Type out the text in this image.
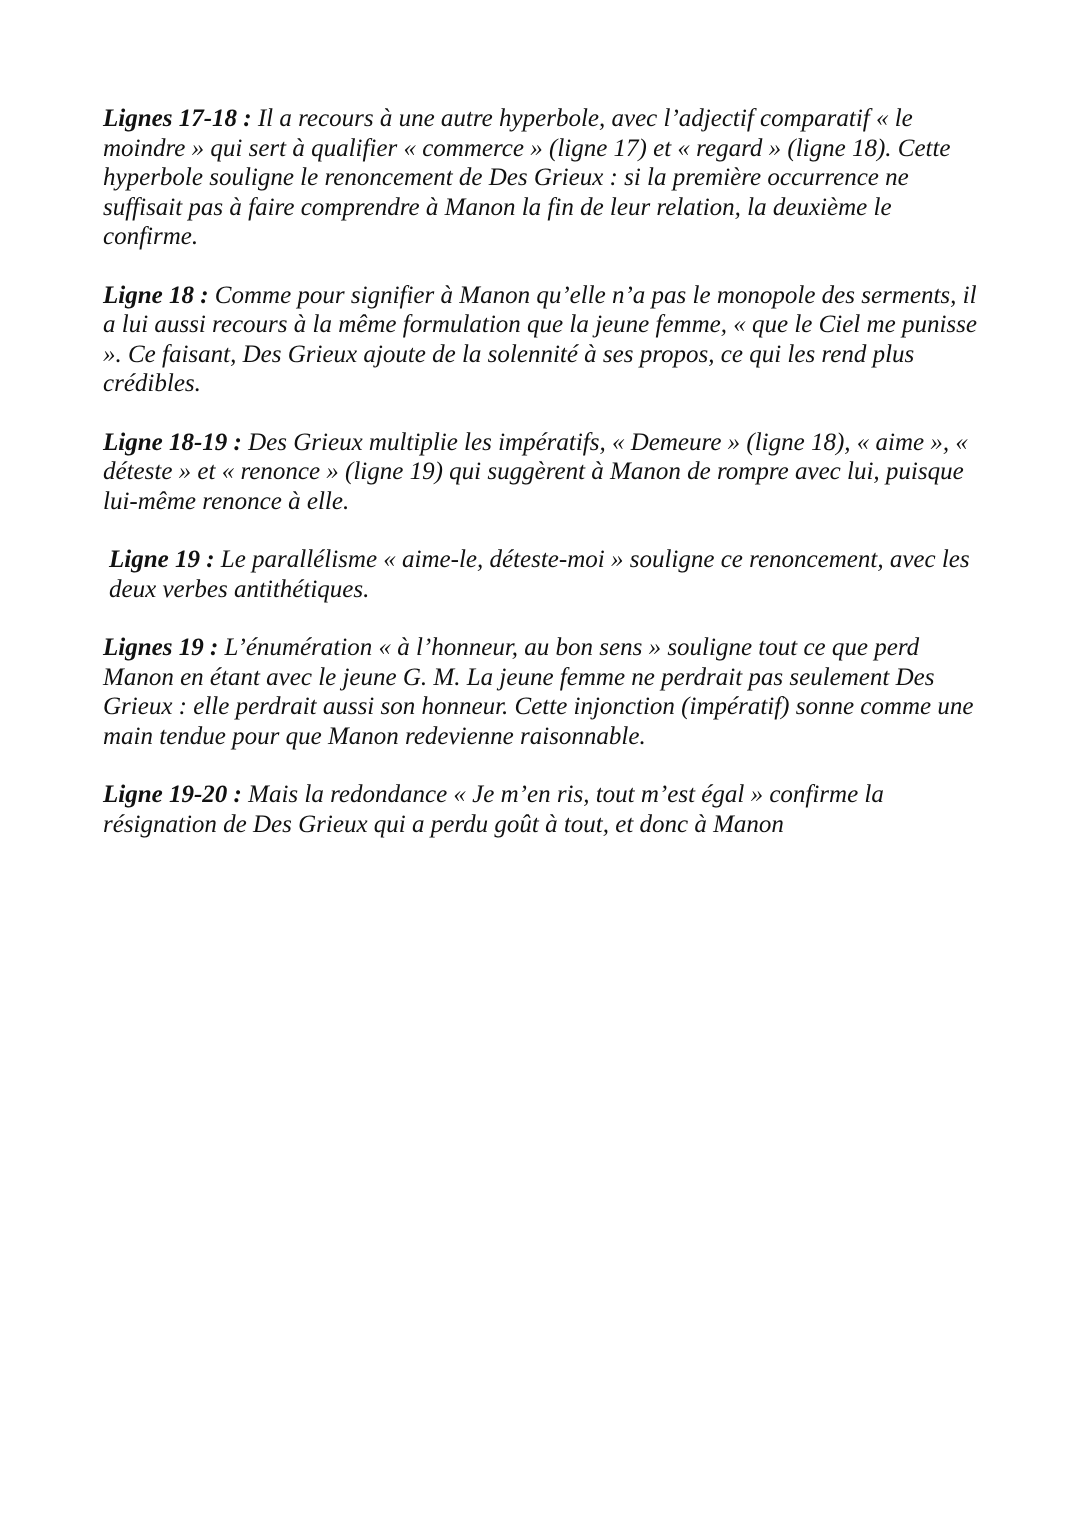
Lignes 17-18 : Il a recours à une autre hyperbole, avec l’adjectif comparatif « le moindre » qui sert à qualifier « commerce » (ligne 17) et « regard » (ligne 18). Cette hyperbole souligne le renoncement de Des Grieux : si la première occurrence ne suffisait pas à faire comprendre à Manon la fin de leur relation, la deuxième le confirme.

Ligne 18 : Comme pour signifier à Manon qu’elle n’a pas le monopole des serments, il a lui aussi recours à la même formulation que la jeune femme, « que le Ciel me punisse ». Ce faisant, Des Grieux ajoute de la solennité à ses propos, ce qui les rend plus crédibles.

Ligne 18-19 : Des Grieux multiplie les impératifs, « Demeure » (ligne 18), « aime », « déteste » et « renonce » (ligne 19) qui suggèrent à Manon de rompre avec lui, puisque lui-même renonce à elle.

Ligne 19 : Le parallélisme « aime-le, déteste-moi » souligne ce renoncement, avec les deux verbes antithétiques.

Lignes 19 : L’énumération « à l’honneur, au bon sens » souligne tout ce que perd Manon en étant avec le jeune G. M. La jeune femme ne perdrait pas seulement Des Grieux : elle perdrait aussi son honneur. Cette injonction (impératif) sonne comme une main tendue pour que Manon redevienne raisonnable.

Ligne 19-20 : Mais la redondance « Je m’en ris, tout m’est égal » confirme la résignation de Des Grieux qui a perdu goût à tout, et donc à Manon
